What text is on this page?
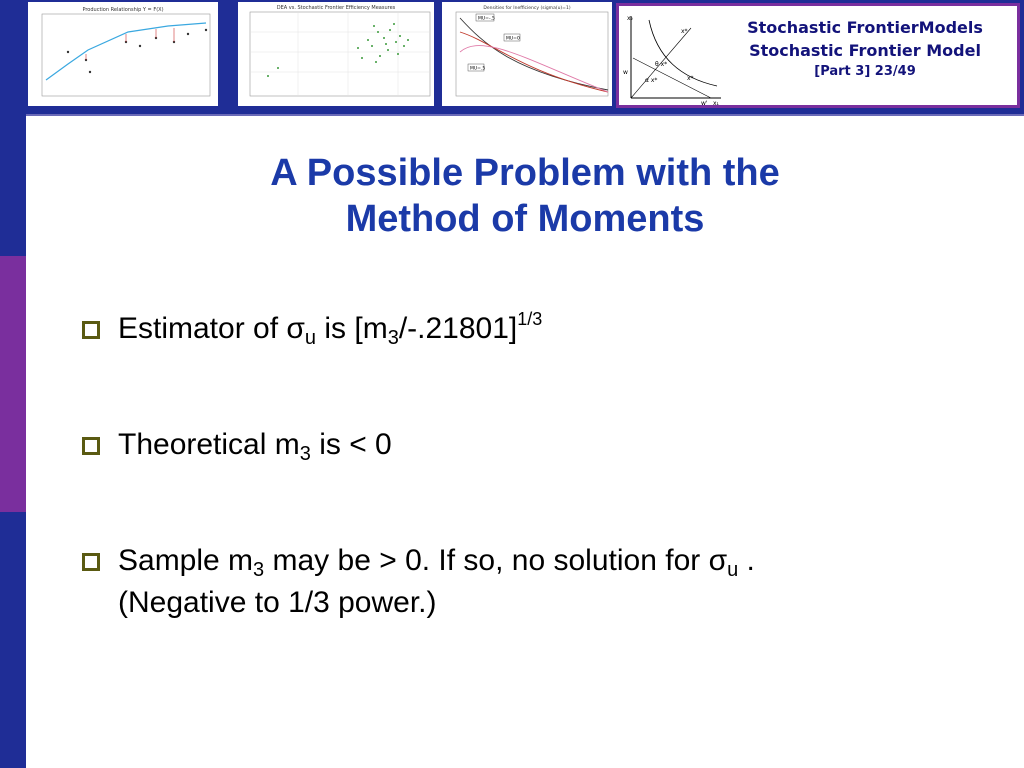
Production Relationship Y = F(X)	DEA vs. Stochastic Frontier Efficiency Measures	Densities for Inefficiency (sigma(u)=1)
MU=-.5
MU=0
MU=.5
x₂
x₁
x*
θ x*
x*
α x*
w
w'
Stochastic FrontierModels
Stochastic Frontier Model
[Part 3] 23/49
A Possible Problem with the
Method of Moments
Estimator of $\sigma_u$ is $[m_3/-.21801]^{1/3}$
Theoretical $m_3$ is < 0
Sample $m_3$ may be > 0. If so, no solution for $\sigma_u$ .
(Negative to 1/3 power.)
